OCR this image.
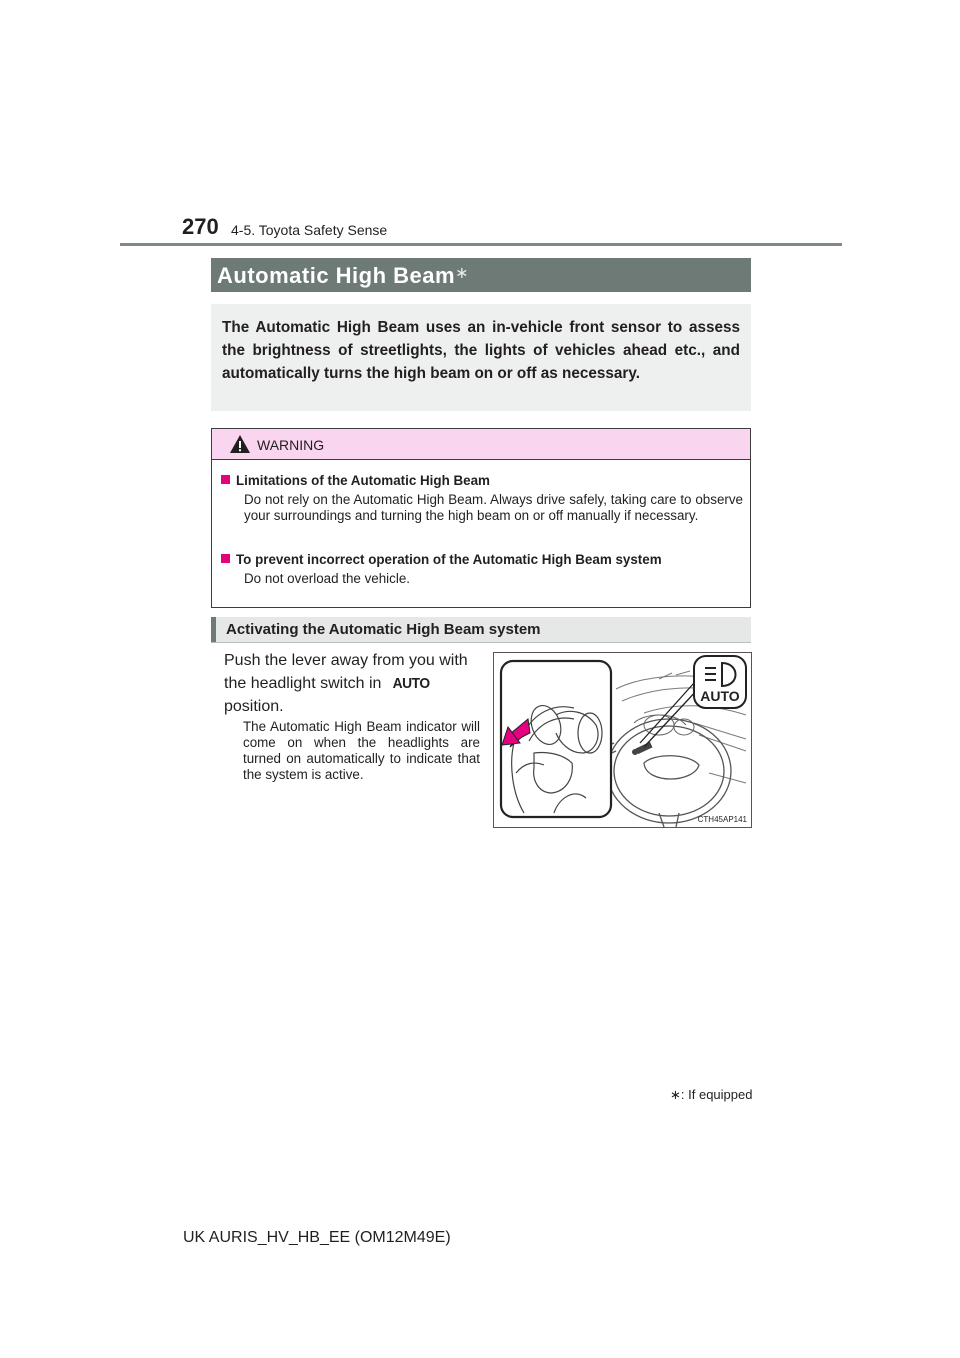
270 4-5. Toyota Safety Sense
Automatic High Beam∗
The Automatic High Beam uses an in-vehicle front sensor to assess the brightness of streetlights, the lights of vehicles ahead etc., and automatically turns the high beam on or off as necessary.
WARNING
Limitations of the Automatic High Beam
Do not rely on the Automatic High Beam. Always drive safely, taking care to observe your surroundings and turning the high beam on or off manually if necessary.
To prevent incorrect operation of the Automatic High Beam system
Do not overload the vehicle.
Activating the Automatic High Beam system
Push the lever away from you with the headlight switch in AUTO
position.
The Automatic High Beam indicator will come on when the headlights are turned on automatically to indicate that the system is active.
AUTO
CTH45AP141
∗: If equipped
UK AURIS_HV_HB_EE (OM12M49E)
